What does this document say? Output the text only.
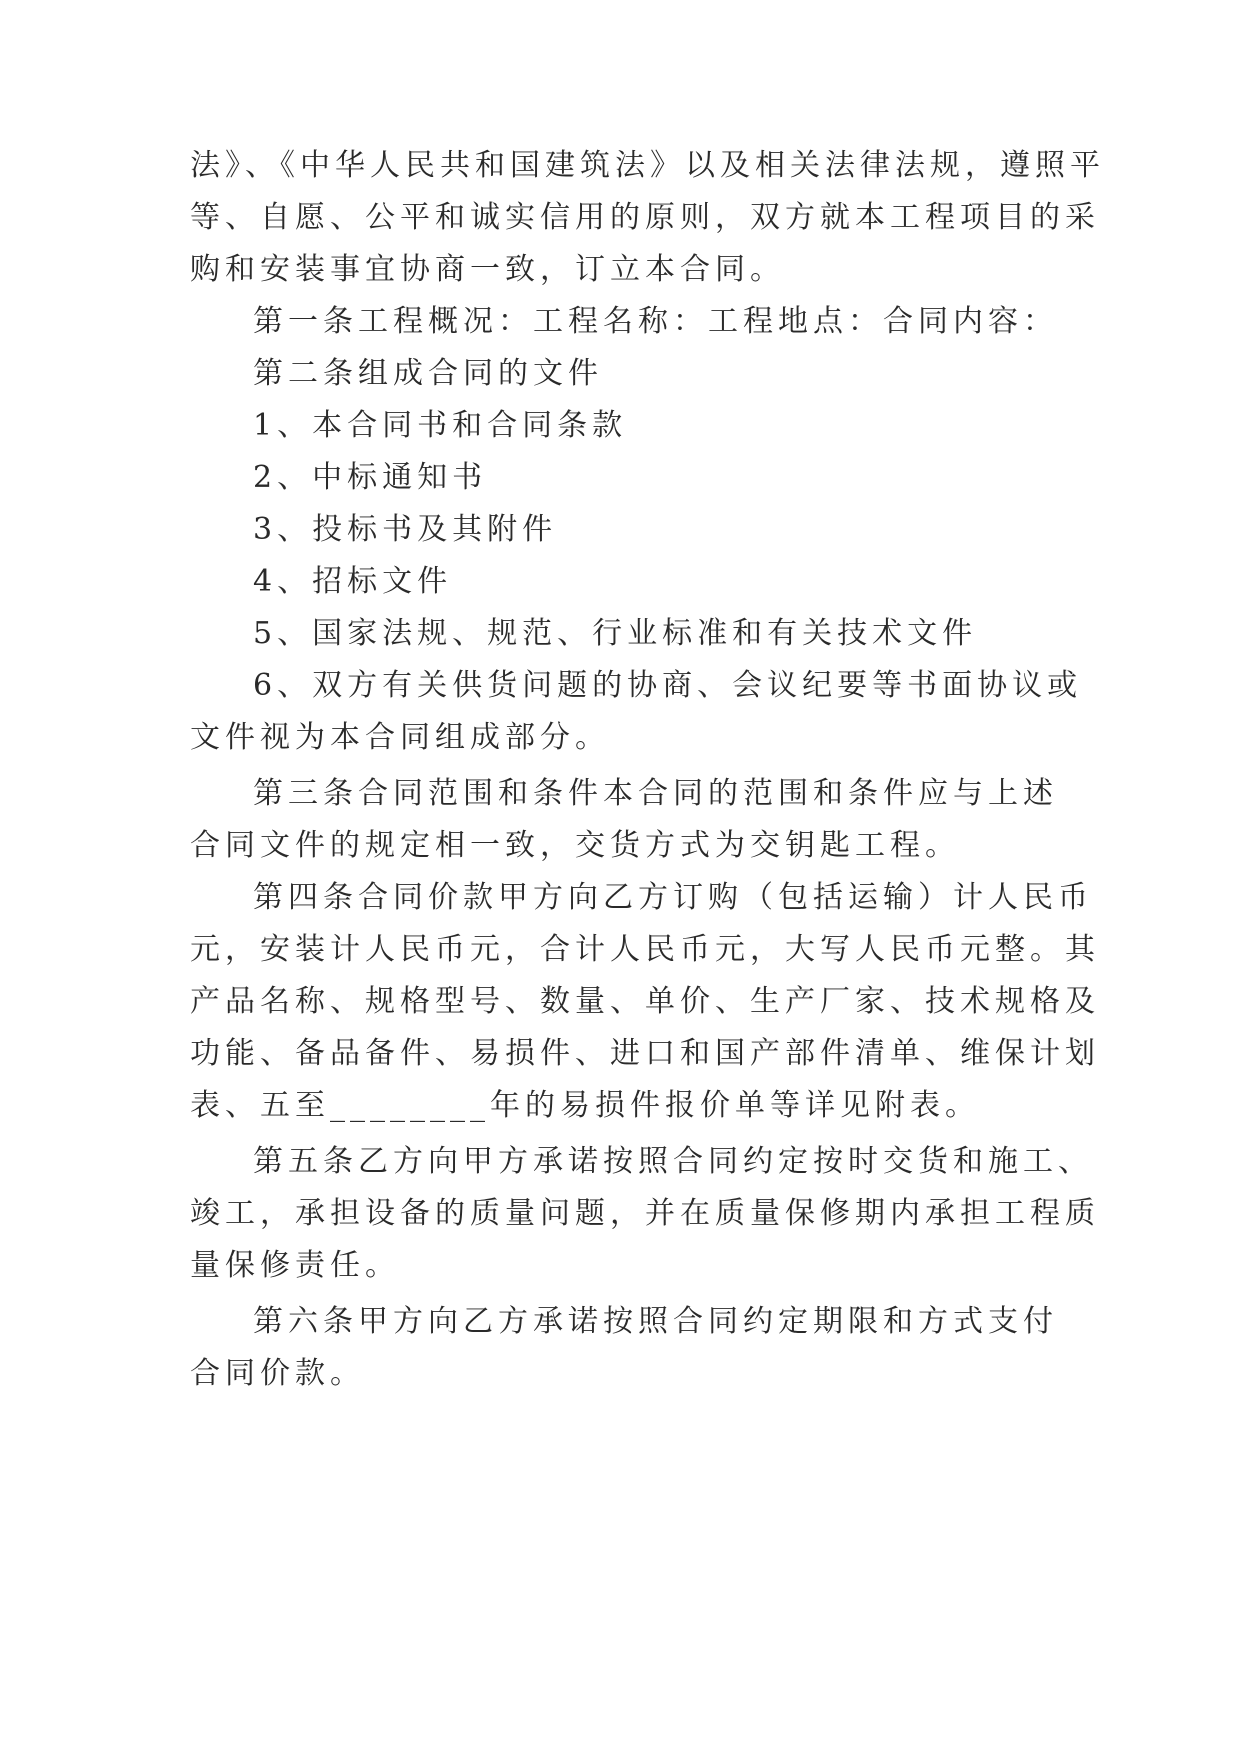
法》、《中华人民共和国建筑法》以及相关法律法规，遵照平
等、自愿、公平和诚实信用的原则，双方就本工程项目的采
购和安装事宜协商一致，订立本合同。
第一条工程概况：工程名称：工程地点：合同内容：
第二条组成合同的文件
1、本合同书和合同条款
2、中标通知书
3、投标书及其附件
4、招标文件
5、国家法规、规范、行业标准和有关技术文件
6、双方有关供货问题的协商、会议纪要等书面协议或
文件视为本合同组成部分。
第三条合同范围和条件本合同的范围和条件应与上述
合同文件的规定相一致，交货方式为交钥匙工程。
第四条合同价款甲方向乙方订购（包括运输）计人民币
元，安装计人民币元，合计人民币元，大写人民币元整。其
产品名称、规格型号、数量、单价、生产厂家、技术规格及
功能、备品备件、易损件、进口和国产部件清单、维保计划
表、五至________年的易损件报价单等详见附表。
第五条乙方向甲方承诺按照合同约定按时交货和施工、
竣工，承担设备的质量问题，并在质量保修期内承担工程质
量保修责任。
第六条甲方向乙方承诺按照合同约定期限和方式支付
合同价款。
